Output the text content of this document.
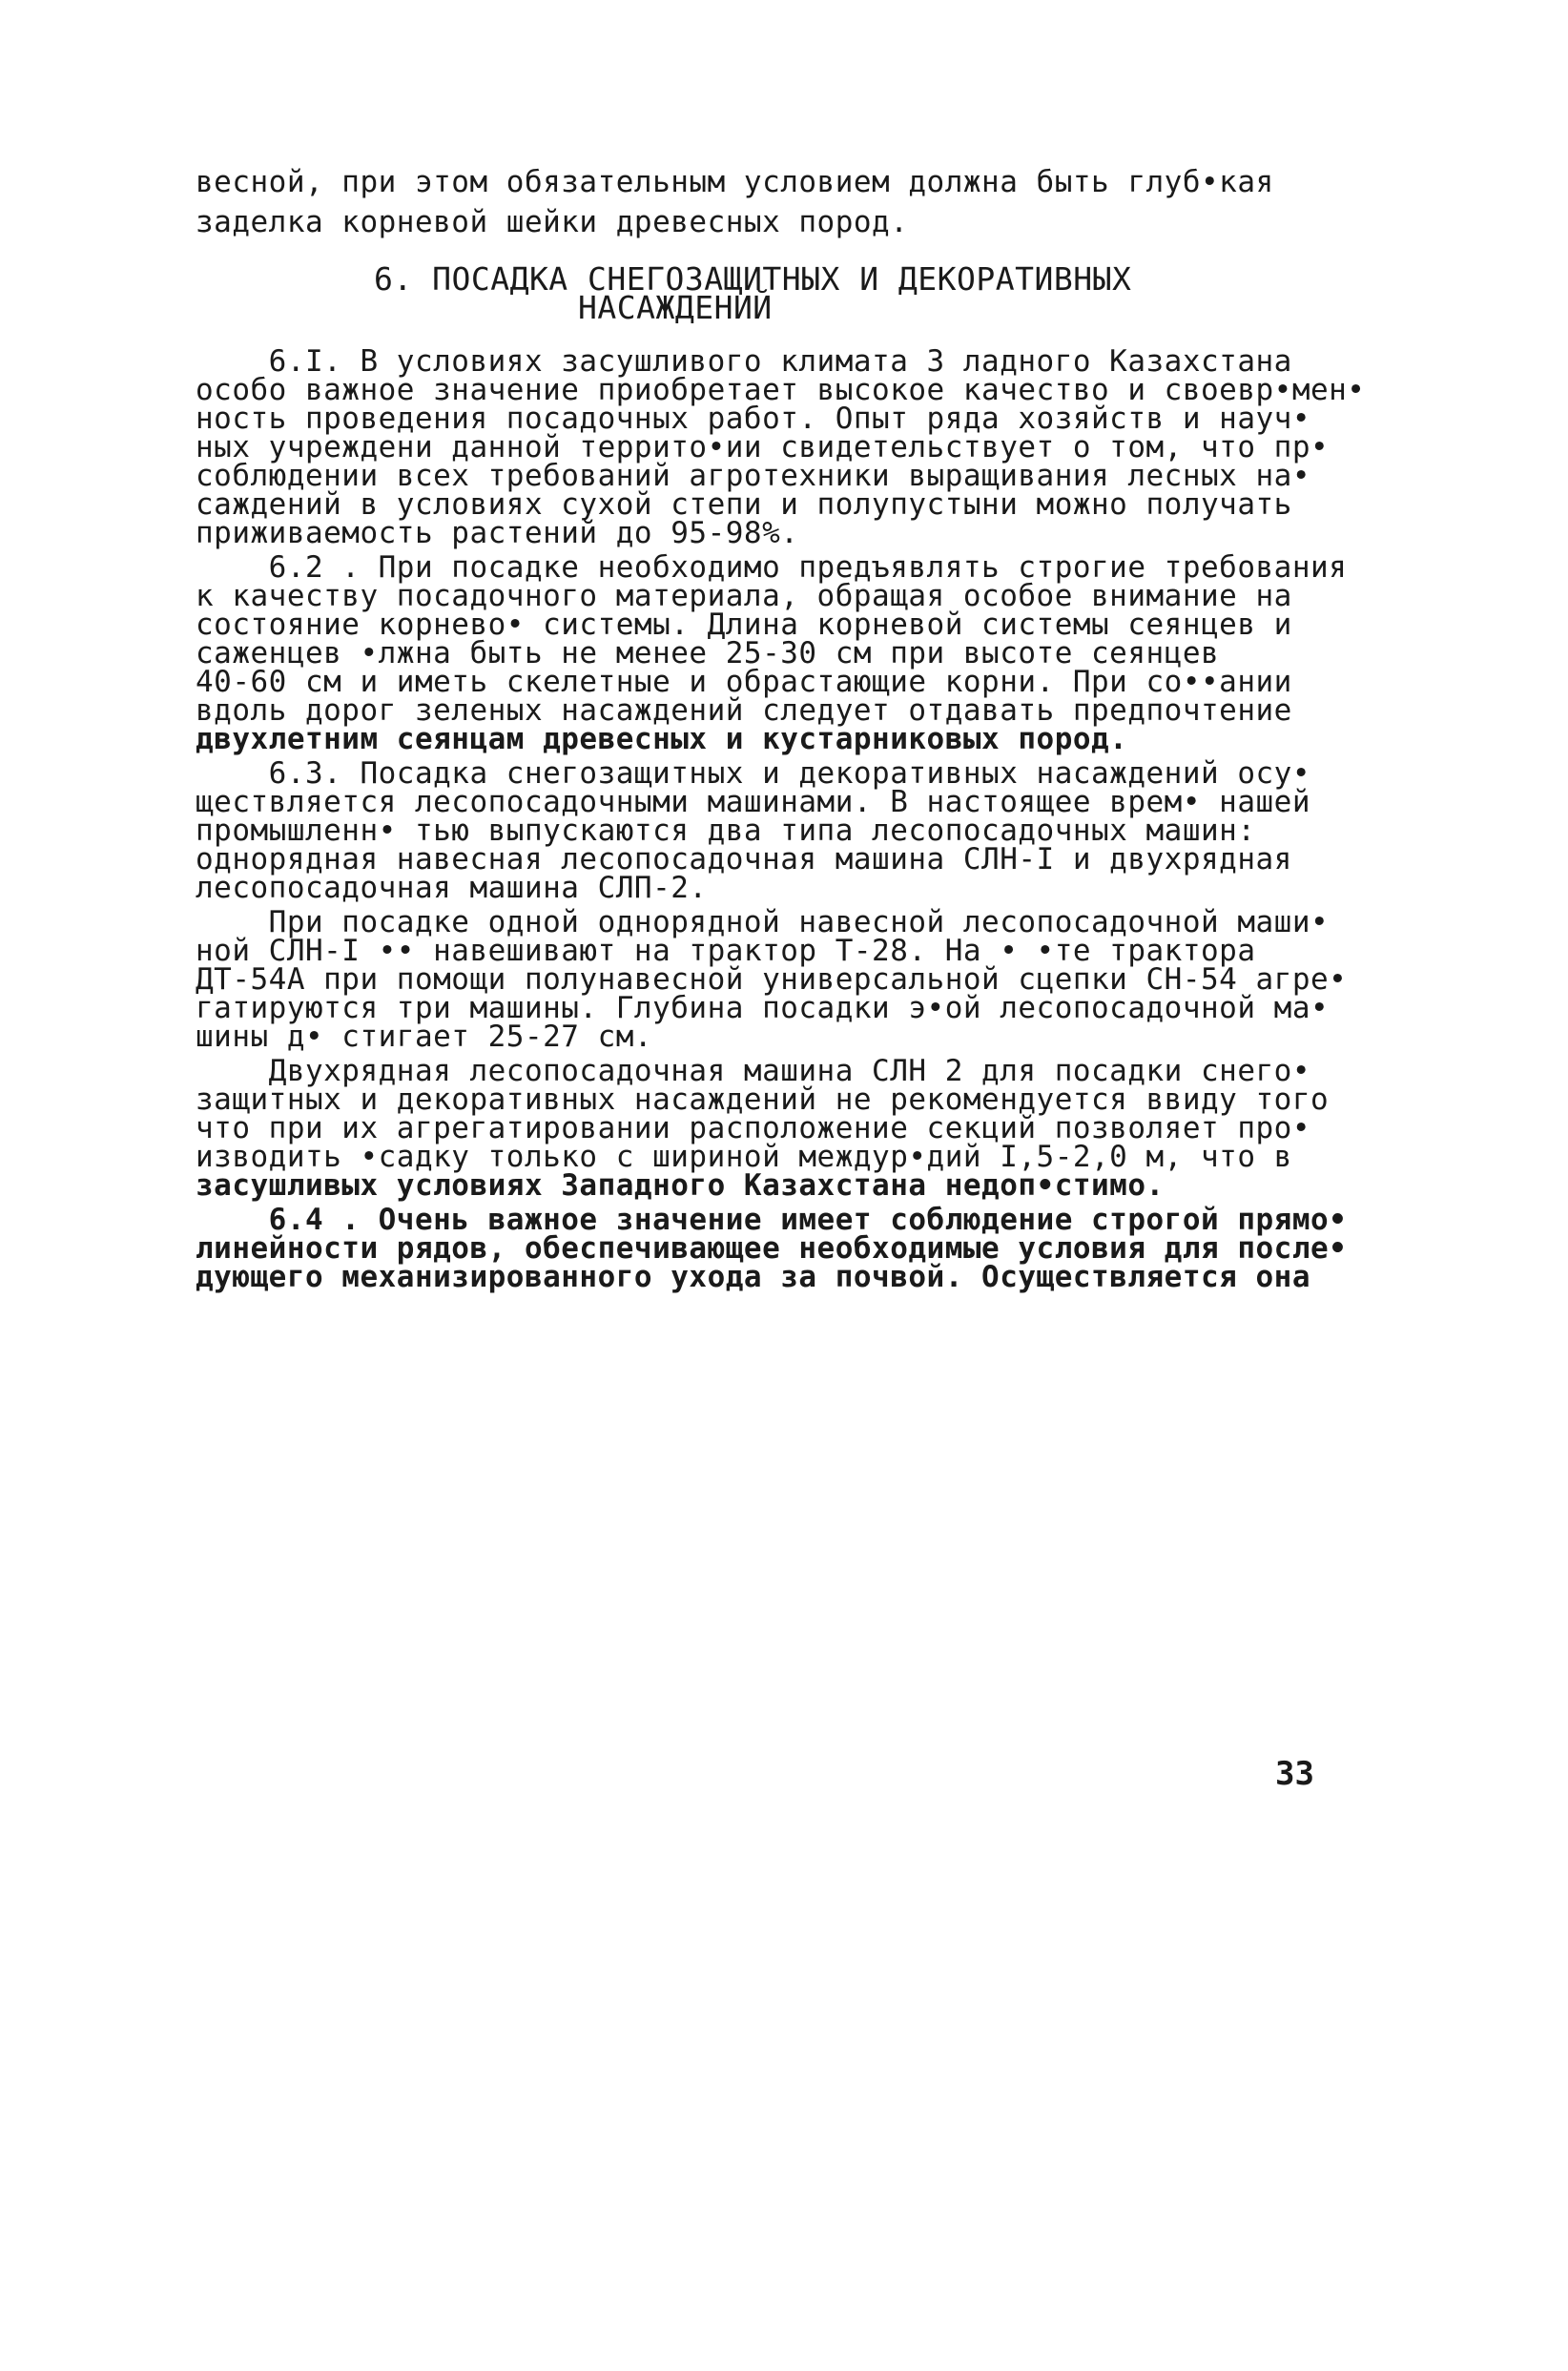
весной, при этом обязательным условием должна быть глуб•кая
заделка корневой шейки древесных пород.
6. ПОСАДКА СНЕГОЗАЩИТНЫХ И ДЕКОРАТИВНЫХ
НАСАЖДЕНИЙ
6.I. В условиях засушливого климата З ладного Казахстана
особо важное значение приобретает высокое качество и своевр•мен•
ность проведения посадочных работ. Опыт ряда хозяйств и науч•
ных учреждени данной террито•ии свидетельствует о том, что пр•
соблюдении всех требований агротехники выращивания лесных на•
саждений в условиях сухой степи и полупустыни можно получать
приживаемость растений до 95-98%.
6.2 . При посадке необходимо предъявлять строгие требования
к качеству посадочного материала, обращая особое внимание на
состояние корнево• системы. Длина корневой системы сеянцев и
саженцев •лжна быть не менее 25-30 см при высоте сеянцев
40-60 см и иметь скелетные и обрастающие корни. При со••ании
вдоль дорог зеленых насаждений следует отдавать предпочтение
двухлетним сеянцам древесных и кустарниковых пород.
6.3. Посадка снегозащитных и декоративных насаждений осу•
ществляется лесопосадочными машинами. В настоящее врем• нашей
промышленн• тью выпускаются два типа лесопосадочных машин:
однорядная навесная лесопосадочная машина СЛН-I и двухрядная
лесопосадочная машина СЛП-2.
При посадке одной однорядной навесной лесопосадочной маши•
ной СЛН-I •• навешивают на трактор Т-28. На • •те трактора
ДТ-54А при помощи полунавесной универсальной сцепки СН-54 агре•
гатируются три машины. Глубина посадки э•ой лесопосадочной ма•
шины д• стигает 25-27 см.
Двухрядная лесопосадочная машина СЛН 2 для посадки снего•
защитных и декоративных насаждений не рекомендуется ввиду того
что при их агрегатировании расположение секций позволяет про•
изводить •садку только с шириной междур•дий I,5-2,0 м, что в
засушливых условиях Западного Казахстана недоп•стимо.
6.4 . Очень важное значение имеет соблюдение строгой прямо•
линейности рядов, обеспечивающее необходимые условия для после•
дующего механизированного ухода за почвой. Осуществляется она
33
